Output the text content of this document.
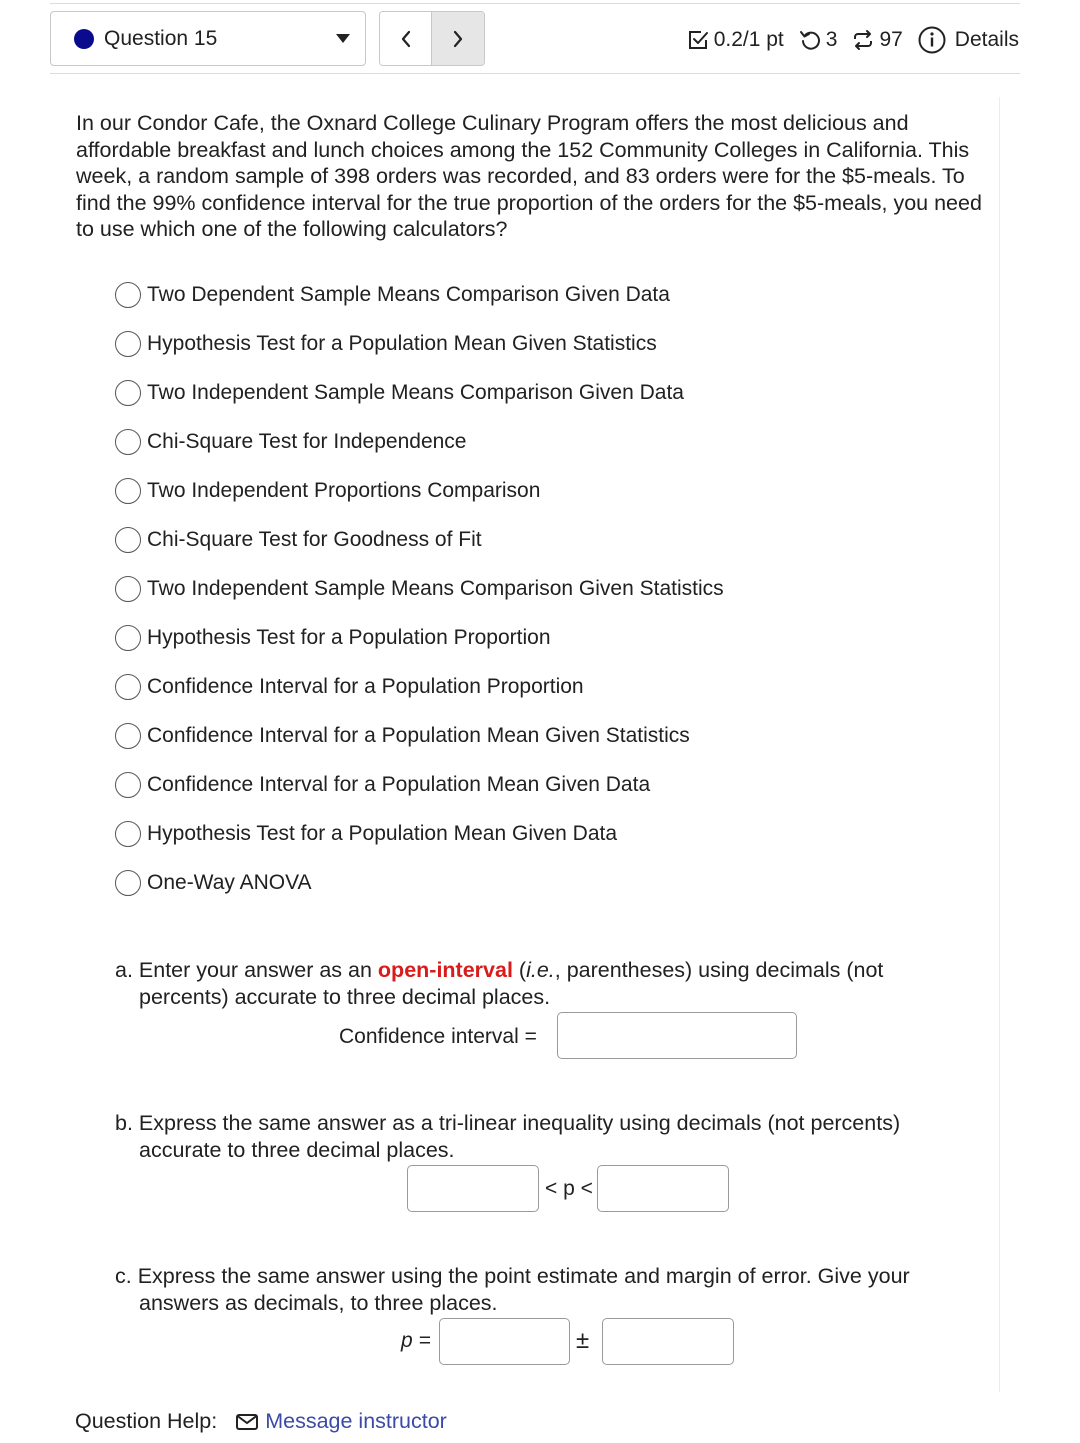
Question 15	0.2/1 pt 3 97 Details

In our Condor Cafe, the Oxnard College Culinary Program offers the most delicious and affordable breakfast and lunch choices among the 152 Community Colleges in California. This week, a random sample of 398 orders was recorded, and 83 orders were for the $5-meals. To find the 99% confidence interval for the true proportion of the orders for the $5-meals, you need to use which one of the following calculators?

Two Dependent Sample Means Comparison Given Data
Hypothesis Test for a Population Mean Given Statistics
Two Independent Sample Means Comparison Given Data
Chi-Square Test for Independence
Two Independent Proportions Comparison
Chi-Square Test for Goodness of Fit
Two Independent Sample Means Comparison Given Statistics
Hypothesis Test for a Population Proportion
Confidence Interval for a Population Proportion
Confidence Interval for a Population Mean Given Statistics
Confidence Interval for a Population Mean Given Data
Hypothesis Test for a Population Mean Given Data
One-Way ANOVA
a. Enter your answer as an open-interval (i.e., parentheses) using decimals (not percents) accurate to three decimal places.
Confidence interval =
b. Express the same answer as a tri-linear inequality using decimals (not percents) accurate to three decimal places.
< p <
c. Express the same answer using the point estimate and margin of error. Give your answers as decimals, to three places.
p =	±
Question Help: Message instructor
